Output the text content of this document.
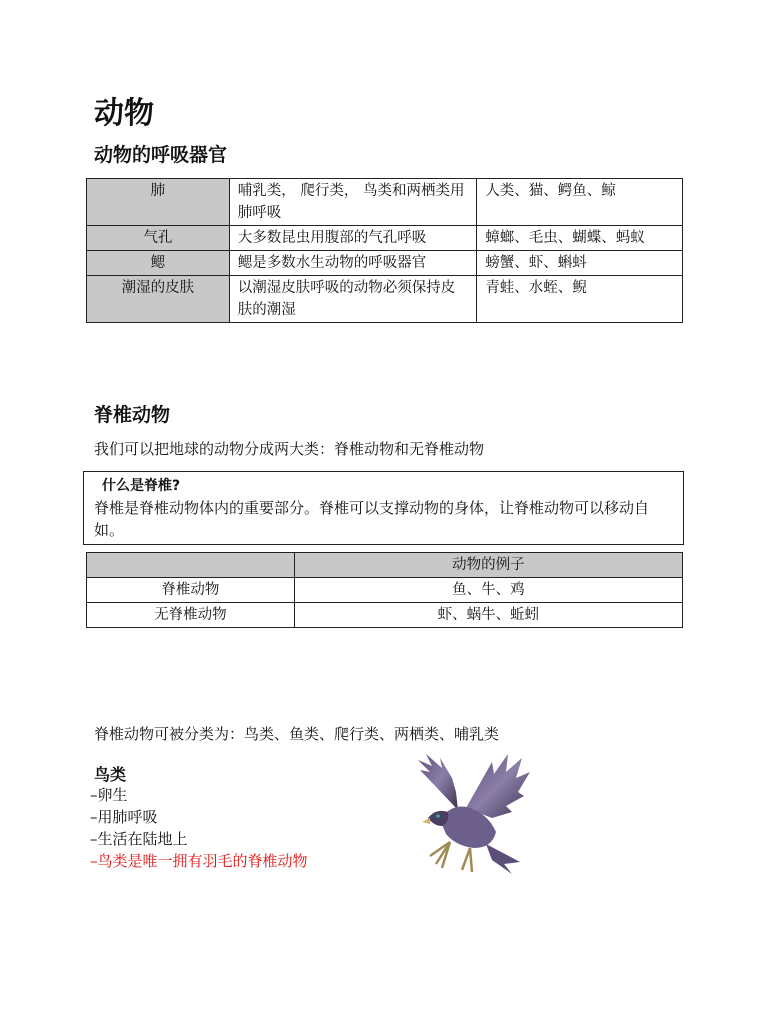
动物
动物的呼吸器官
肺	哺乳类， 爬行类， 鸟类和两栖类用肺呼吸	人类、猫、鳄鱼、鲸
气孔	大多数昆虫用腹部的气孔呼吸	蟑螂、毛虫、蝴蝶、蚂蚁
鳃	鳃是多数水生动物的呼吸器官	螃蟹、虾、蝌蚪
潮湿的皮肤	以潮湿皮肤呼吸的动物必须保持皮肤的潮湿	青蛙、水蛭、鲵
脊椎动物
我们可以把地球的动物分成两大类：脊椎动物和无脊椎动物
什么是脊椎?
脊椎是脊椎动物体内的重要部分。脊椎可以支撑动物的身体，让脊椎动物可以移动自如。
	动物的例子
脊椎动物	鱼、牛、鸡
无脊椎动物	虾、蜗牛、蚯蚓
脊椎动物可被分类为：鸟类、鱼类、爬行类、两栖类、哺乳类
鸟类
–卵生
–用肺呼吸
–生活在陆地上
–鸟类是唯一拥有羽毛的脊椎动物
